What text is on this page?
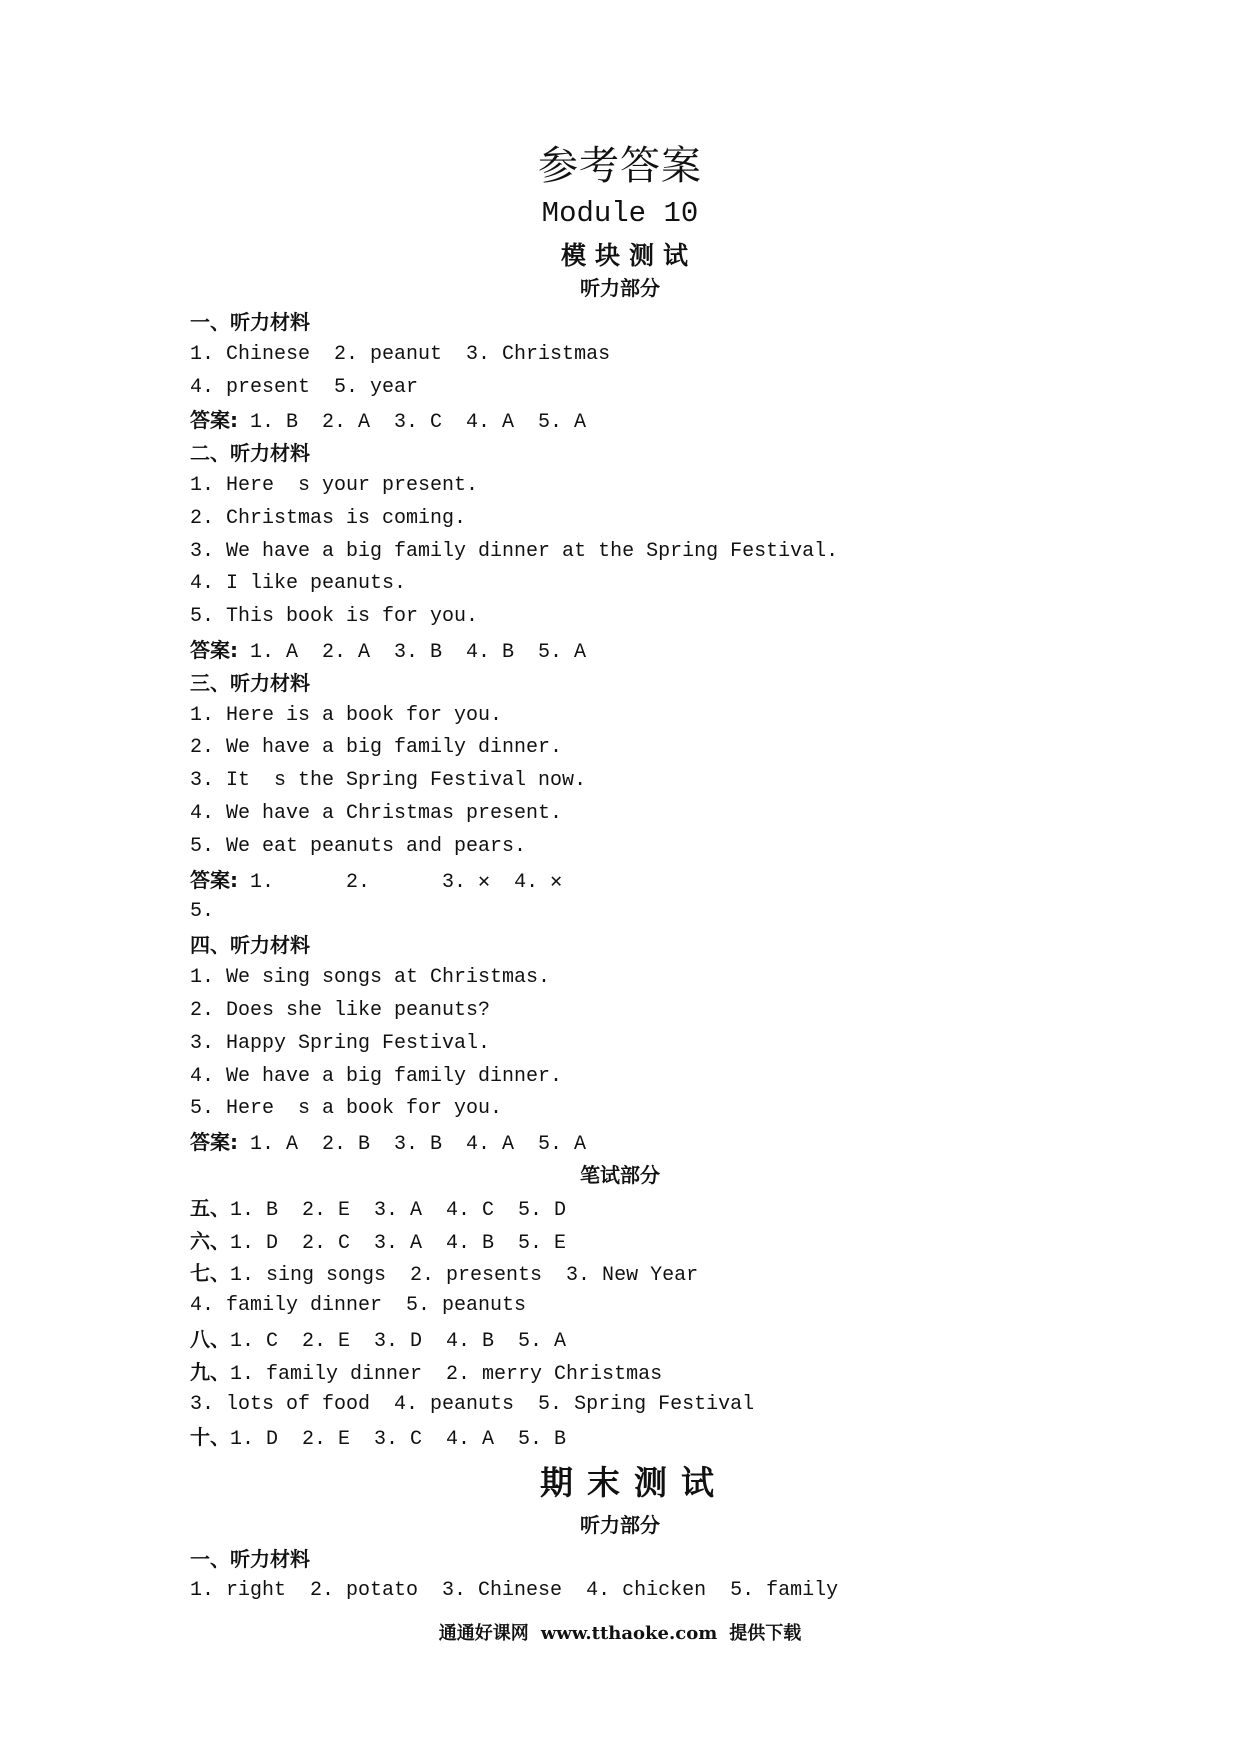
参考答案
Module 10
模块测试
听力部分
一、听力材料
1. Chinese  2. peanut  3. Christmas
4. present  5. year
答案: 1. B  2. A  3. C  4. A  5. A
二、听力材料
1. Here  s your present.
2. Christmas is coming.
3. We have a big family dinner at the Spring Festival.
4. I like peanuts.
5. This book is for you.
答案: 1. A  2. A  3. B  4. B  5. A
三、听力材料
1. Here is a book for you.
2. We have a big family dinner.
3. It  s the Spring Festival now.
4. We have a Christmas present.
5. We eat peanuts and pears.
答案: 1.      2.      3. ✕  4. ✕
5.
四、听力材料
1. We sing songs at Christmas.
2. Does she like peanuts?
3. Happy Spring Festival.
4. We have a big family dinner.
5. Here  s a book for you.
答案: 1. A  2. B  3. B  4. A  5. A
五、1. B  2. E  3. A  4. C  5. D
六、1. D  2. C  3. A  4. B  5. E
七、1. sing songs  2. presents  3. New Year
4. family dinner  5. peanuts
八、1. C  2. E  3. D  4. B  5. A
九、1. family dinner  2. merry Christmas
3. lots of food  4. peanuts  5. Spring Festival
十、1. D  2. E  3. C  4. A  5. B
一、听力材料
1. right  2. potato  3. Chinese  4. chicken  5. family
笔试部分
期末测试
听力部分
通通好课网 www.tthaoke.com 提供下载
